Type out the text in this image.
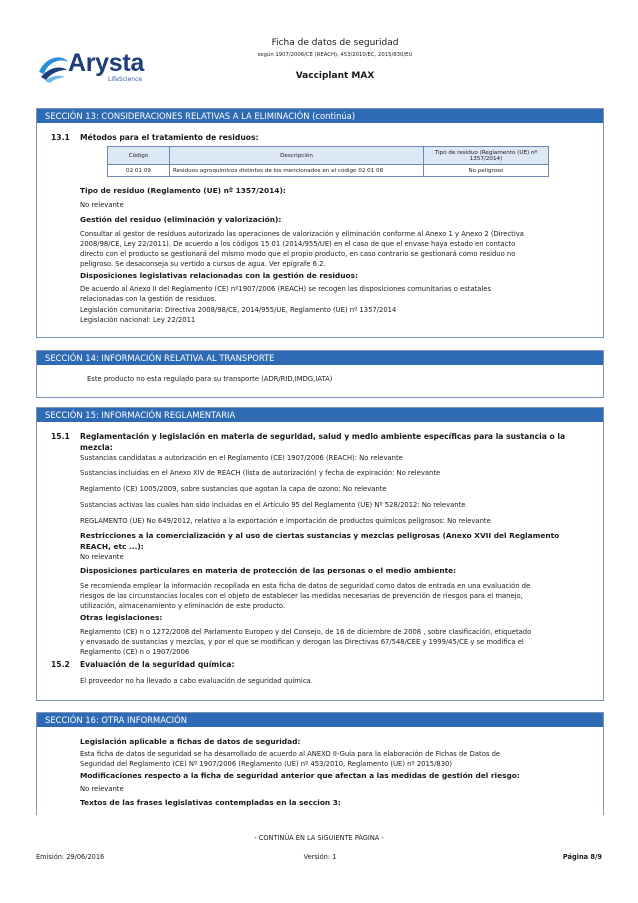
Arysta
LifeScience
Ficha de datos de seguridad
según 1907/2006/CE (REACH), 453/2010/EC, 2015/830/EU
Vacciplant MAX
SECCIÓN 13: CONSIDERACIONES RELATIVAS A LA ELIMINACIÓN (continúa)
13.1 Métodos para el tratamiento de residuos:
Código	Descripción	Tipo de residuo (Reglamento (UE) nº 1357/2014)
02 01 09	Residuos agroquímicos distintos de los mencionados en el código 02 01 08	No peligroso
Tipo de residuo (Reglamento (UE) nº 1357/2014):
No relevante
Gestión del residuo (eliminación y valorización):
Consultar al gestor de residuos autorizado las operaciones de valorización y eliminación conforme al Anexo 1 y Anexo 2 (Directiva
2008/98/CE, Ley 22/2011). De acuerdo a los códigos 15 01 (2014/955/UE) en el caso de que el envase haya estado en contacto
directo con el producto se gestionará del mismo modo que el propio producto, en caso contrario se gestionará como residuo no
peligroso. Se desaconseja su vertido a cursos de agua. Ver epígrafe 6.2.
Disposiciones legislativas relacionadas con la gestión de residuos:
De acuerdo al Anexo II del Reglamento (CE) nº1907/2006 (REACH) se recogen las disposiciones comunitarias o estatales
relacionadas con la gestión de residuos.
Legislación comunitaria: Directiva 2008/98/CE, 2014/955/UE, Reglamento (UE) nº 1357/2014
Legislación nacional: Ley 22/2011
SECCIÓN 14: INFORMACIÓN RELATIVA AL TRANSPORTE
Este producto no esta regulado para su transporte (ADR/RID,IMDG,IATA)
SECCIÓN 15: INFORMACIÓN REGLAMENTARIA
15.1 Reglamentación y legislación en materia de seguridad, salud y medio ambiente específicas para la sustancia o la
mezcla:
Sustancias candidatas a autorización en el Reglamento (CE) 1907/2006 (REACH): No relevante
Sustancias incluidas en el Anexo XIV de REACH (lista de autorización) y fecha de expiración: No relevante
Reglamento (CE) 1005/2009, sobre sustancias que agotan la capa de ozono: No relevante
Sustancias activas las cuales han sido incluidas en el Artículo 95 del Reglamento (UE) Nº 528/2012: No relevante
REGLAMENTO (UE) No 649/2012, relativo a la exportación e importación de productos químicos peligrosos: No relevante
Restricciones a la comercialización y al uso de ciertas sustancias y mezclas peligrosas (Anexo XVII del Reglamento
REACH, etc ...):
No relevante
Disposiciones particulares en materia de protección de las personas o el medio ambiente:
Se recomienda emplear la información recopilada en esta ficha de datos de seguridad como datos de entrada en una evaluación de
riesgos de las circunstancias locales con el objeto de establecer las medidas necesarias de prevención de riesgos para el manejo,
utilización, almacenamiento y eliminación de este producto.
Otras legislaciones:
Reglamento (CE) n o 1272/2008 del Parlamento Europeo y del Consejo, de 16 de diciembre de 2008 , sobre clasificación, etiquetado
y envasado de sustancias y mezclas, y por el que se modifican y derogan las Directivas 67/548/CEE y 1999/45/CE y se modifica el
Reglamento (CE) n o 1907/2006
15.2 Evaluación de la seguridad química:
El proveedor no ha llevado a cabo evaluación de seguridad química.
SECCIÓN 16: OTRA INFORMACIÓN
Legislación aplicable a fichas de datos de seguridad:
Esta ficha de datos de seguridad se ha desarrollado de acuerdo al ANEXO II-Guía para la elaboración de Fichas de Datos de
Seguridad del Reglamento (CE) Nº 1907/2006 (Reglamento (UE) nº 453/2010, Reglamento (UE) nº 2015/830)
Modificaciones respecto a la ficha de seguridad anterior que afectan a las medidas de gestión del riesgo:
No relevante
Textos de las frases legislativas contempladas en la seccion 3:
- CONTINÚA EN LA SIGUIENTE PÁGINA -
Emisión: 29/06/2016	Versión: 1	Página 8/9
